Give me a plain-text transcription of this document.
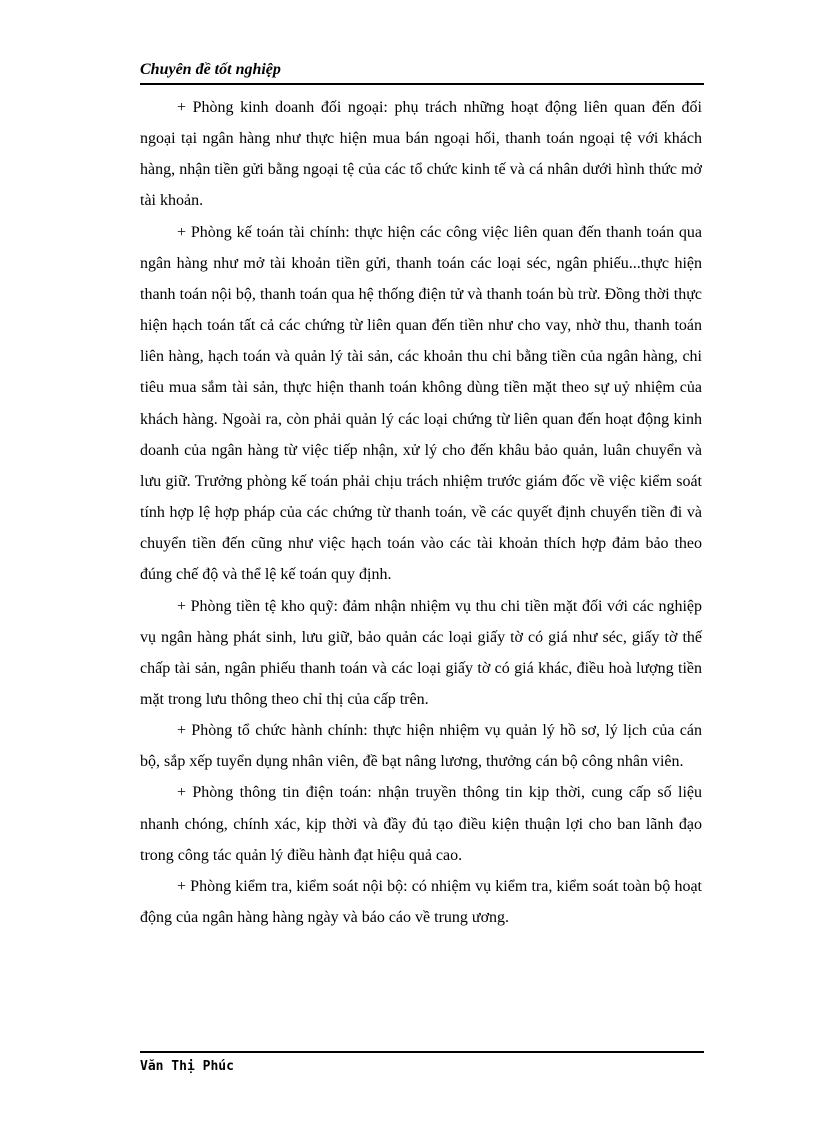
Chuyên đề tốt nghiệp

+ Phòng kinh doanh đối ngoại: phụ trách những hoạt động liên quan đến đối ngoại tại ngân hàng như thực hiện mua bán ngoại hối, thanh toán ngoại tệ với khách hàng, nhận tiền gửi bằng ngoại tệ của các tổ chức kinh tế và cá nhân dưới hình thức mở tài khoản.

+ Phòng kế toán tài chính: thực hiện các công việc liên quan đến thanh toán qua ngân hàng như mở tài khoản tiền gửi, thanh toán các loại séc, ngân phiếu...thực hiện thanh toán nội bộ, thanh toán qua hệ thống điện tử và thanh toán bù trừ. Đồng thời thực hiện hạch toán tất cả các chứng từ liên quan đến tiền như cho vay, nhờ thu, thanh toán liên hàng, hạch toán và quản lý tài sản, các khoản thu chi bằng tiền của ngân hàng, chi tiêu mua sắm tài sản, thực hiện thanh toán không dùng tiền mặt theo sự uỷ nhiệm của khách hàng. Ngoài ra, còn phải quản lý các loại chứng từ liên quan đến hoạt động kinh doanh của ngân hàng từ việc tiếp nhận, xử lý cho đến khâu bảo quản, luân chuyển và lưu giữ. Trưởng phòng kế toán phải chịu trách nhiệm trước giám đốc về việc kiểm soát tính hợp lệ hợp pháp của các chứng từ thanh toán, về các quyết định chuyển tiền đi và chuyển tiền đến cũng như việc hạch toán vào các tài khoản thích hợp đảm bảo theo đúng chế độ và thể lệ kế toán quy định.

+ Phòng tiền tệ kho quỹ: đảm nhận nhiệm vụ thu chi tiền mặt đối với các nghiệp vụ ngân hàng phát sinh, lưu giữ, bảo quản các loại giấy tờ có giá như séc, giấy tờ thế chấp tài sản, ngân phiếu thanh toán và các loại giấy tờ có giá khác, điều hoà lượng tiền mặt trong lưu thông theo chỉ thị của cấp trên.

+ Phòng tổ chức hành chính: thực hiện nhiệm vụ quản lý hồ sơ, lý lịch của cán bộ, sắp xếp tuyển dụng nhân viên, đề bạt nâng lương, thưởng cán bộ công nhân viên.

+ Phòng thông tin điện toán: nhận truyền thông tin kịp thời, cung cấp số liệu nhanh chóng, chính xác, kịp thời và đầy đủ tạo điều kiện thuận lợi cho ban lãnh đạo trong công tác quản lý điều hành đạt hiệu quả cao.

+ Phòng kiểm tra, kiểm soát nội bộ: có nhiệm vụ kiểm tra, kiểm soát toàn bộ hoạt động của ngân hàng hàng ngày và báo cáo về trung ương.

Văn Thị Phúc
